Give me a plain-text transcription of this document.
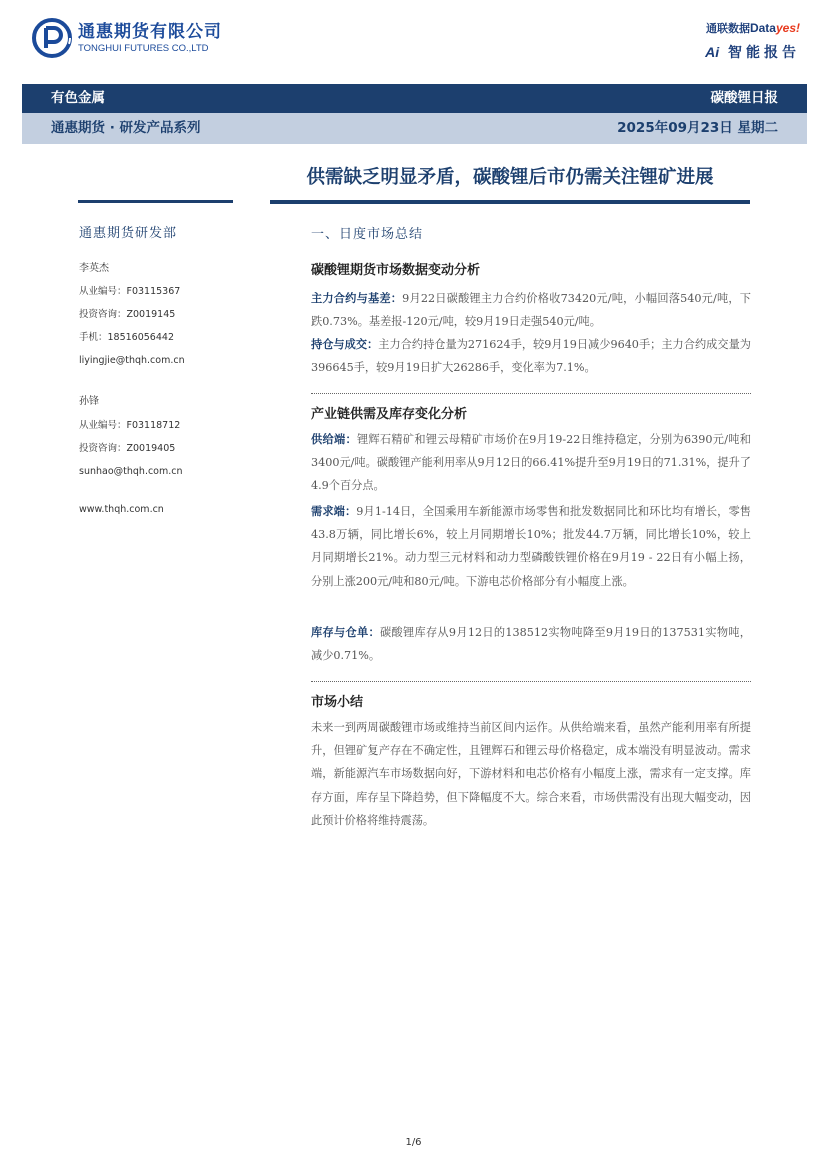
通惠期货有限公司
TONGHUI FUTURES CO.,LTD
通联数据Datayes!
Ai 智能报告
有色金属	碳酸锂日报
通惠期货 · 研发产品系列	2025年09月23日 星期二
供需缺乏明显矛盾，碳酸锂后市仍需关注锂矿进展
通惠期货研发部
李英杰
从业编号：F03115367
投资咨询：Z0019145
手机：18516056442
liyingjie@thqh.com.cn
孙锋
从业编号：F03118712
投资咨询：Z0019405
sunhao@thqh.com.cn
www.thqh.com.cn
一、日度市场总结
碳酸锂期货市场数据变动分析
主力合约与基差：9月22日碳酸锂主力合约价格收73420元/吨，小幅回落540元/吨，下跌0.73%。基差报-120元/吨，较9月19日走强540元/吨。
持仓与成交：主力合约持仓量为271624手，较9月19日减少9640手；主力合约成交量为396645手，较9月19日扩大26286手，变化率为7.1%。
产业链供需及库存变化分析
供给端：锂辉石精矿和锂云母精矿市场价在9月19-22日维持稳定，分别为6390元/吨和3400元/吨。碳酸锂产能利用率从9月12日的66.41%提升至9月19日的71.31%，提升了4.9个百分点。
需求端：9月1-14日，全国乘用车新能源市场零售和批发数据同比和环比均有增长，零售43.8万辆，同比增长6%，较上月同期增长10%；批发44.7万辆，同比增长10%，较上月同期增长21%。动力型三元材料和动力型磷酸铁锂价格在9月19 - 22日有小幅上扬，分别上涨200元/吨和80元/吨。下游电芯价格部分有小幅度上涨。
库存与仓单：碳酸锂库存从9月12日的138512实物吨降至9月19日的137531实物吨，减少0.71%。
市场小结
未来一到两周碳酸锂市场或维持当前区间内运作。从供给端来看，虽然产能利用率有所提升，但锂矿复产存在不确定性，且锂辉石和锂云母价格稳定，成本端没有明显波动。需求端，新能源汽车市场数据向好，下游材料和电芯价格有小幅度上涨，需求有一定支撑。库存方面，库存呈下降趋势，但下降幅度不大。综合来看，市场供需没有出现大幅变动，因此预计价格将维持震荡。
1/6
